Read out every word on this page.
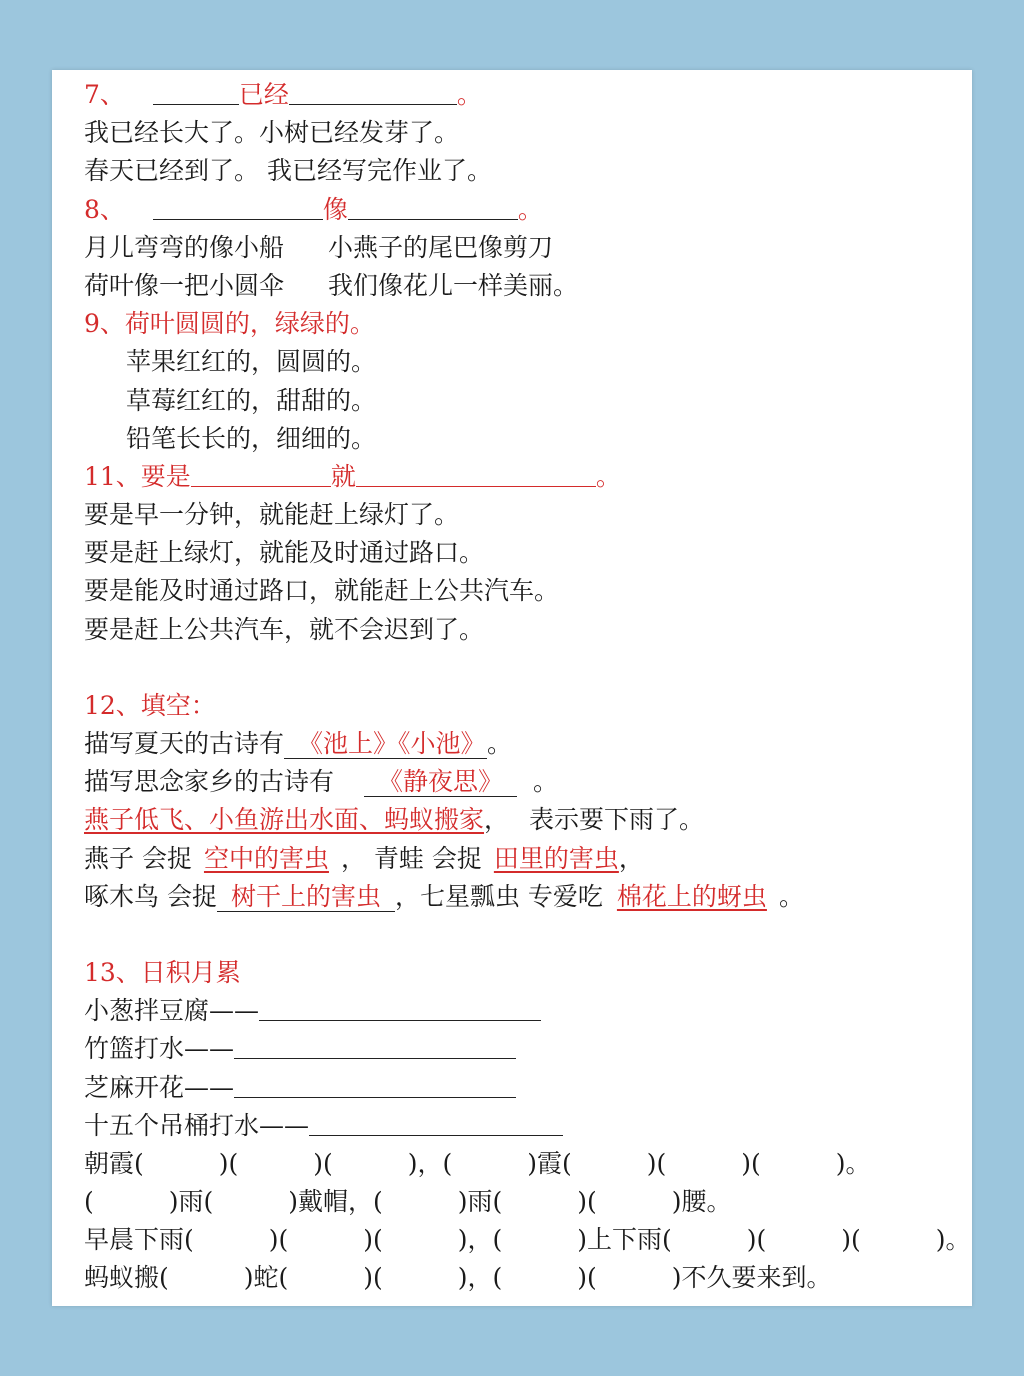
7、	已经	。
我已经长大了。小树已经发芽了。
春天已经到了。 我已经写完作业了。
8、	像	。
月儿弯弯的像小船 小燕子的尾巴像剪刀
荷叶像一把小圆伞 我们像花儿一样美丽。
9、荷叶圆圆的，绿绿的。
苹果红红的，圆圆的。
草莓红红的，甜甜的。
铅笔长长的，细细的。
11、要是	就	。
要是早一分钟，就能赶上绿灯了。
要是赶上绿灯，就能及时通过路口。
要是能及时通过路口，就能赶上公共汽车。
要是赶上公共汽车，就不会迟到了。
12、填空：
描写夏天的古诗有 《池上》《小池》 。
描写思念家乡的古诗有 《静夜思》 。
燕子低飞、小鱼游出水面、蚂蚁搬家， 表示要下雨了。
燕子 会捉 空中的害虫 ， 青蛙 会捉 田里的害虫，
啄木鸟 会捉 树干上的害虫 ，七星瓢虫 专爱吃 棉花上的蚜虫 。
13、日积月累
小葱拌豆腐——
竹篮打水——
芝麻开花——
十五个吊桶打水——
朝霞(　　　)(　　　)(　　　)，(　　　)霞(　　　)(　　　)(　　　)。
(　　　)雨(　　　)戴帽，(　　　)雨(　　　)(　　　)腰。
早晨下雨(　　　)(　　　)(　　　)，(　　　)上下雨(　　　)(　　　)(　　　)。
蚂蚁搬(　　　)蛇(　　　)(　　　)，(　　　)(　　　)不久要来到。
